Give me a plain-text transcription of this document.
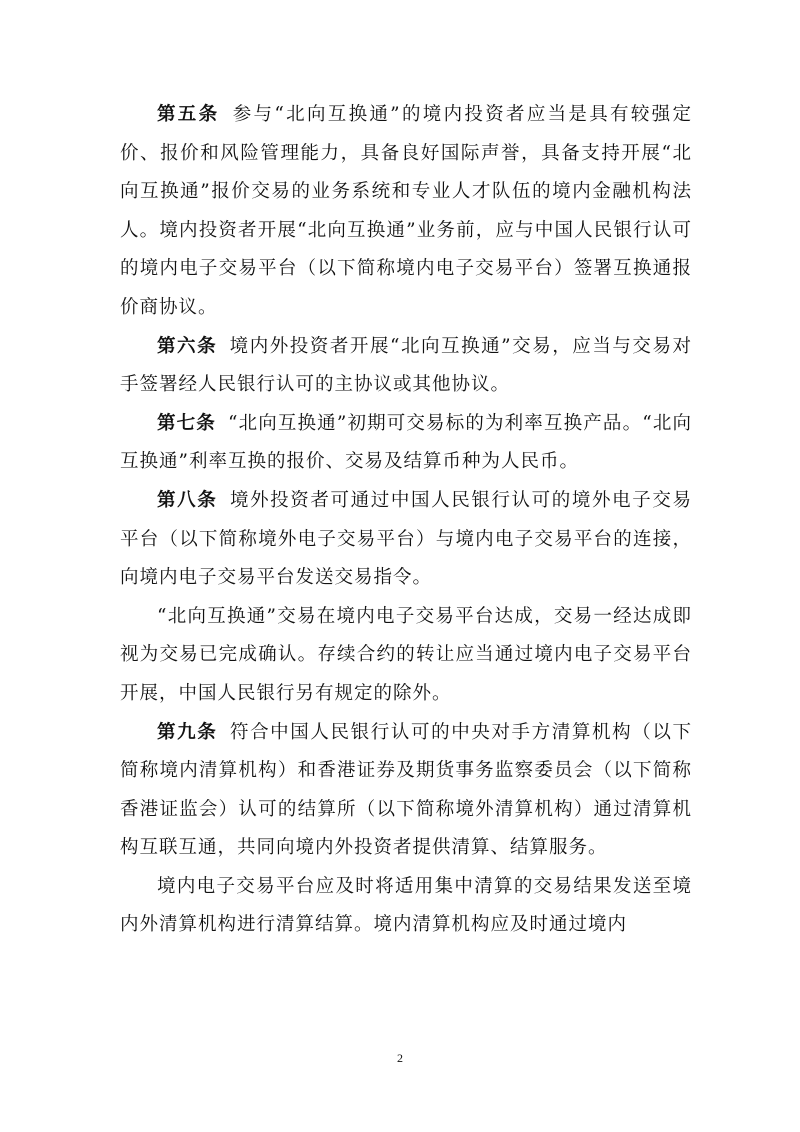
第五条 参与“北向互换通”的境内投资者应当是具有较强定价、报价和风险管理能力，具备良好国际声誉，具备支持开展“北向互换通”报价交易的业务系统和专业人才队伍的境内金融机构法人。境内投资者开展“北向互换通”业务前，应与中国人民银行认可的境内电子交易平台（以下简称境内电子交易平台）签署互换通报价商协议。

第六条 境内外投资者开展“北向互换通”交易，应当与交易对手签署经人民银行认可的主协议或其他协议。

第七条 “北向互换通”初期可交易标的为利率互换产品。“北向互换通”利率互换的报价、交易及结算币种为人民币。

第八条 境外投资者可通过中国人民银行认可的境外电子交易平台（以下简称境外电子交易平台）与境内电子交易平台的连接，向境内电子交易平台发送交易指令。

“北向互换通”交易在境内电子交易平台达成，交易一经达成即视为交易已完成确认。存续合约的转让应当通过境内电子交易平台开展，中国人民银行另有规定的除外。

第九条 符合中国人民银行认可的中央对手方清算机构（以下简称境内清算机构）和香港证券及期货事务监察委员会（以下简称香港证监会）认可的结算所（以下简称境外清算机构）通过清算机构互联互通，共同向境内外投资者提供清算、结算服务。

境内电子交易平台应及时将适用集中清算的交易结果发送至境内外清算机构进行清算结算。境内清算机构应及时通过境内

2
